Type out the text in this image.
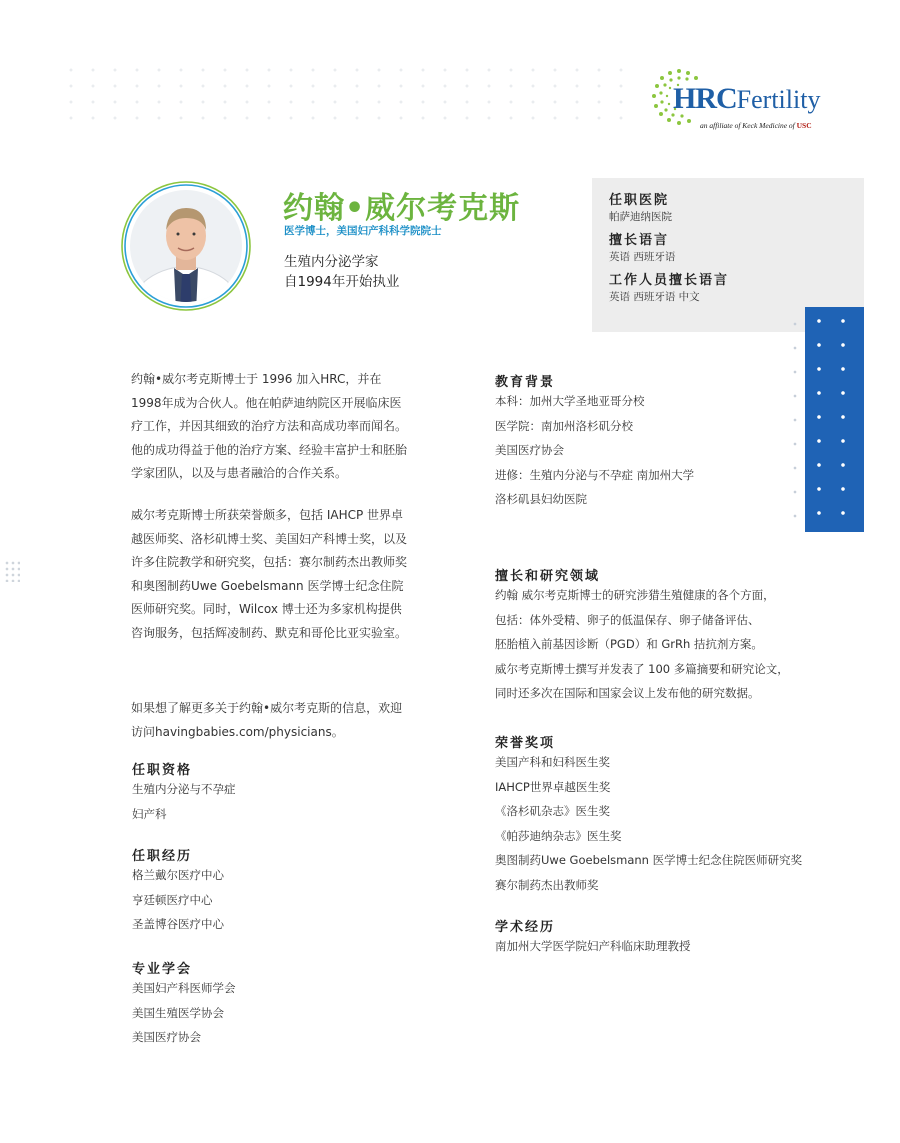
HRCFertility
an affiliate of Keck Medicine of USC
约翰•威尔考克斯
医学博士，美国妇产科科学院院士
生殖内分泌学家
自1994年开始执业
任职医院
帕萨迪纳医院
擅长语言
英语 西班牙语
工作人员擅长语言
英语 西班牙语 中文

约翰•威尔考克斯博士于 1996 加入HRC，并在1998年成为合伙人。他在帕萨迪纳院区开展临床医疗工作，并因其细致的治疗方法和高成功率而闻名。他的成功得益于他的治疗方案、经验丰富护士和胚胎学家团队，以及与患者融洽的合作关系。

威尔考克斯博士所获荣誉颇多，包括 IAHCP 世界卓越医师奖、洛杉矶博士奖、美国妇产科博士奖，以及许多住院教学和研究奖，包括：赛尔制药杰出教师奖和奥图制药Uwe Goebelsmann 医学博士纪念住院医师研究奖。同时，Wilcox 博士还为多家机构提供咨询服务，包括辉凌制药、默克和哥伦比亚实验室。

如果想了解更多关于约翰•威尔考克斯的信息，欢迎访问havingbabies.com/physicians。

任职资格
生殖内分泌与不孕症
妇产科
任职经历
格兰戴尔医疗中心
亨廷顿医疗中心
圣盖博谷医疗中心
专业学会
美国妇产科医师学会
美国生殖医学协会
美国医疗协会
教育背景
本科：加州大学圣地亚哥分校
医学院：南加州洛杉矶分校
美国医疗协会
进修：生殖内分泌与不孕症 南加州大学
洛杉矶县妇幼医院
擅长和研究领域
约翰 威尔考克斯博士的研究涉猎生殖健康的各个方面，
包括：体外受精、卵子的低温保存、卵子储备评估、
胚胎植入前基因诊断（PGD）和 GrRh 拮抗剂方案。
威尔考克斯博士撰写并发表了 100 多篇摘要和研究论文，
同时还多次在国际和国家会议上发布他的研究数据。
荣誉奖项
美国产科和妇科医生奖
IAHCP世界卓越医生奖
《洛杉矶杂志》医生奖
《帕莎迪纳杂志》医生奖
奥图制药Uwe Goebelsmann 医学博士纪念住院医师研究奖
赛尔制药杰出教师奖
学术经历
南加州大学医学院妇产科临床助理教授
